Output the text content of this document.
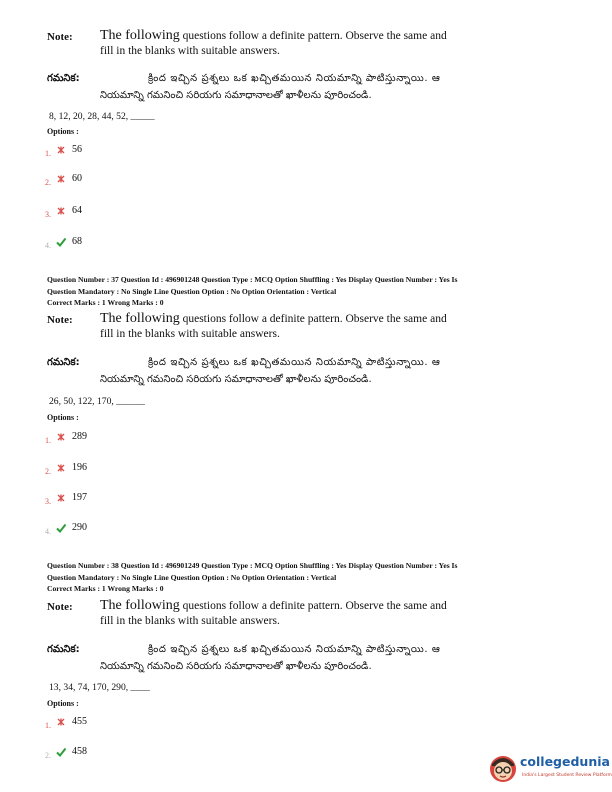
Note: The following questions follow a definite pattern. Observe the same and
fill in the blanks with suitable answers.
గమనిక:	క్రింద ఇచ్చిన ప్రశ్నలు ఒక ఖచ్చితమయిన నియమాన్ని పాటిస్తున్నాయి. ఆ
నియమాన్ని గమనించి సరియగు సమాధానాలతో ఖాళీలను పూరించండి.
8, 12, 20, 28, 44, 52, _____
Options :
1. 56
2. 60
3. 64
4. 68
Question Number : 37 Question Id : 496901248 Question Type : MCQ Option Shuffling : Yes Display Question Number : Yes Is
Question Mandatory : No Single Line Question Option : No Option Orientation : Vertical
Correct Marks : 1 Wrong Marks : 0
Note: The following questions follow a definite pattern. Observe the same and
fill in the blanks with suitable answers.
గమనిక:	క్రింద ఇచ్చిన ప్రశ్నలు ఒక ఖచ్చితమయిన నియమాన్ని పాటిస్తున్నాయి. ఆ
నియమాన్ని గమనించి సరియగు సమాధానాలతో ఖాళీలను పూరించండి.
26, 50, 122, 170, ______
Options :
1. 289
2. 196
3. 197
4. 290
Question Number : 38 Question Id : 496901249 Question Type : MCQ Option Shuffling : Yes Display Question Number : Yes Is
Question Mandatory : No Single Line Question Option : No Option Orientation : Vertical
Correct Marks : 1 Wrong Marks : 0
Note: The following questions follow a definite pattern. Observe the same and
fill in the blanks with suitable answers.
గమనిక:	క్రింద ఇచ్చిన ప్రశ్నలు ఒక ఖచ్చితమయిన నియమాన్ని పాటిస్తున్నాయి. ఆ
నియమాన్ని గమనించి సరియగు సమాధానాలతో ఖాళీలను పూరించండి.
13, 34, 74, 170, 290, ____
Options :
1. 455
2. 458
collegedunia
India's Largest Student Review Platform
